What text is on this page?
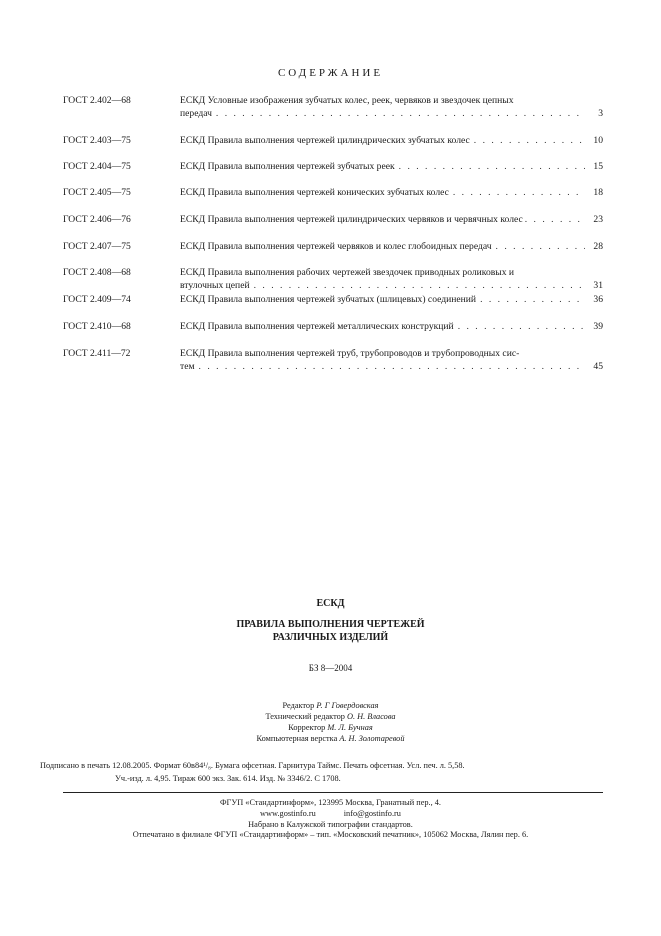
СОДЕРЖАНИЕ
ГОСТ 2.402—68	ЕСКД Условные изображения зубчатых колес, реек, червяков и звездочек цепных
передач . . .	3
ГОСТ 2.403—75	ЕСКД Правила выполнения чертежей цилиндрических зубчатых колес . . .	10
ГОСТ 2.404—75	ЕСКД Правила выполнения чертежей зубчатых реек . . .	15
ГОСТ 2.405—75	ЕСКД Правила выполнения чертежей конических зубчатых колес . . .	18
ГОСТ 2.406—76	ЕСКД Правила выполнения чертежей цилиндрических червяков и червячных колес . . .	23
ГОСТ 2.407—75	ЕСКД Правила выполнения чертежей червяков и колес глобоидных передач . . .	28
ГОСТ 2.408—68	ЕСКД Правила выполнения рабочих чертежей звездочек приводных роликовых и
втулочных цепей . . .	31
ГОСТ 2.409—74	ЕСКД Правила выполнения чертежей зубчатых (шлицевых) соединений . . .	36
ГОСТ 2.410—68	ЕСКД Правила выполнения чертежей металлических конструкций . . .	39
ГОСТ 2.411—72	ЕСКД Правила выполнения чертежей труб, трубопроводов и трубопроводных сис-
тем . . .	45
ЕСКД
ПРАВИЛА ВЫПОЛНЕНИЯ ЧЕРТЕЖЕЙ
РАЗЛИЧНЫХ ИЗДЕЛИЙ
БЗ 8—2004
Редактор Р. Г Говердовская
Технический редактор О. Н. Власова
Корректор М. Л. Бучная
Компьютерная верстка А. Н. Золотаревой
Подписано в печать 12.08.2005. Формат 60в84¹/₈. Бумага офсетная. Гарнитура Таймс. Печать офсетная. Усл. печ. л. 5,58.
Уч.-изд. л. 4,95. Тираж 600 экз. Зак. 614. Изд. № 3346/2. С 1708.
ФГУП «Стандартинформ», 123995 Москва, Гранатный пер., 4.
www.gostinfo.ru	info@gostinfo.ru
Набрано в Калужской типографии стандартов.
Отпечатано в филиале ФГУП «Стандартинформ» – тип. «Московский печатник», 105062 Москва, Лялин пер. 6.
